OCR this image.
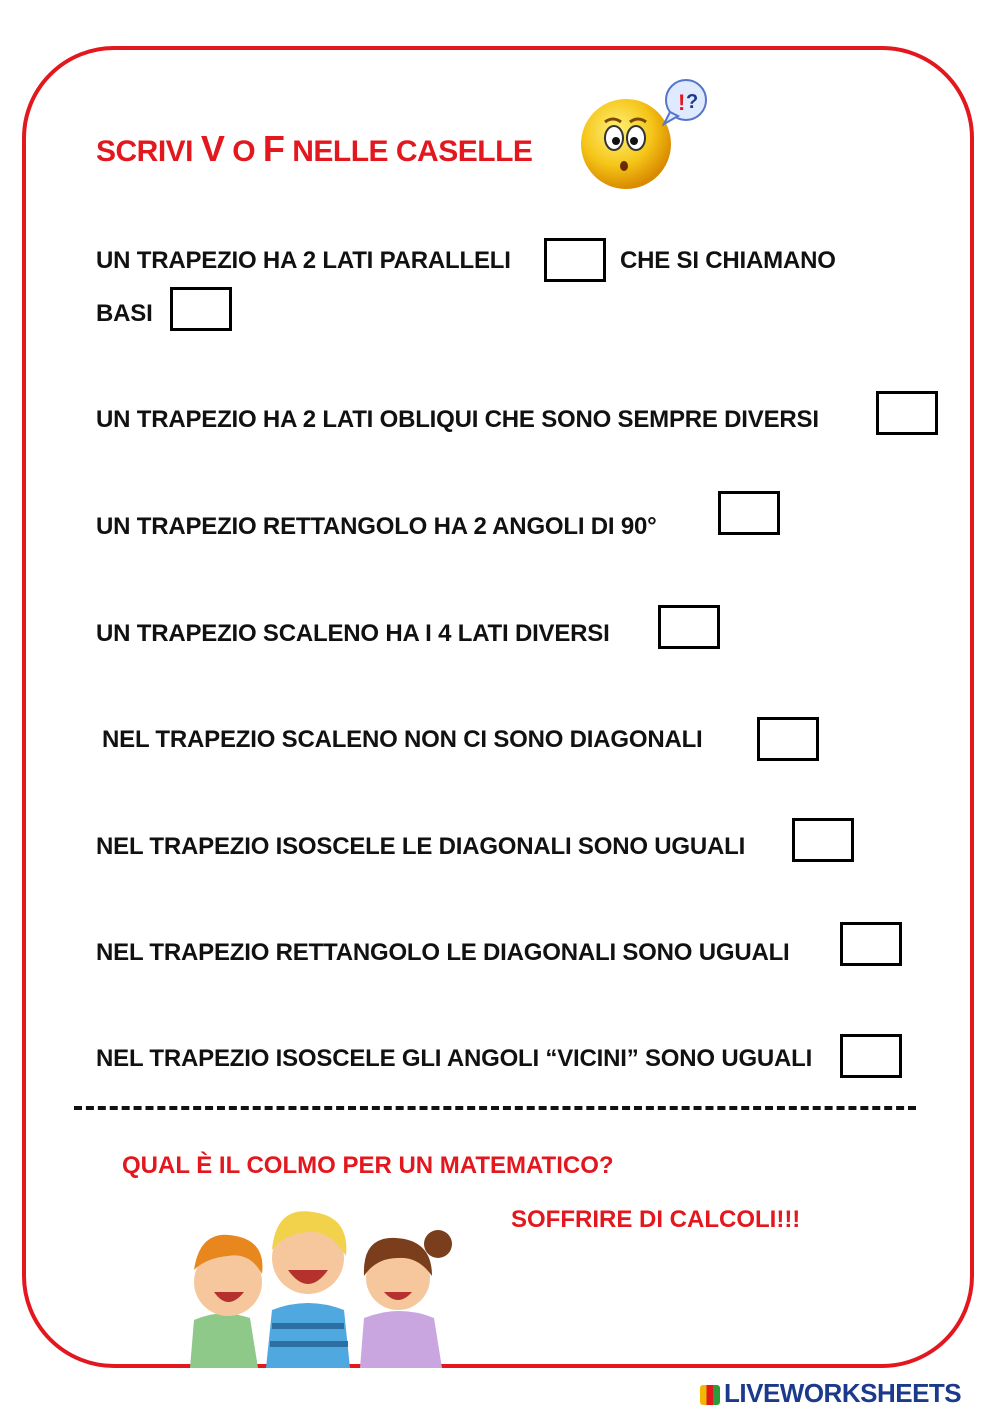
SCRIVI V O F NELLE CASELLE
! ?
UN TRAPEZIO HA 2 LATI PARALLELI	CHE SI CHIAMANO
BASI
UN TRAPEZIO HA 2 LATI OBLIQUI CHE SONO SEMPRE DIVERSI
UN TRAPEZIO RETTANGOLO HA 2 ANGOLI DI 90°
UN TRAPEZIO SCALENO HA I 4 LATI DIVERSI
NEL TRAPEZIO SCALENO NON CI SONO DIAGONALI
NEL TRAPEZIO ISOSCELE LE DIAGONALI SONO UGUALI
NEL TRAPEZIO RETTANGOLO LE DIAGONALI SONO UGUALI
NEL TRAPEZIO ISOSCELE GLI ANGOLI “VICINI” SONO UGUALI
QUAL È IL COLMO PER UN MATEMATICO?
SOFFRIRE DI CALCOLI!!!
LIVEWORKSHEETS
